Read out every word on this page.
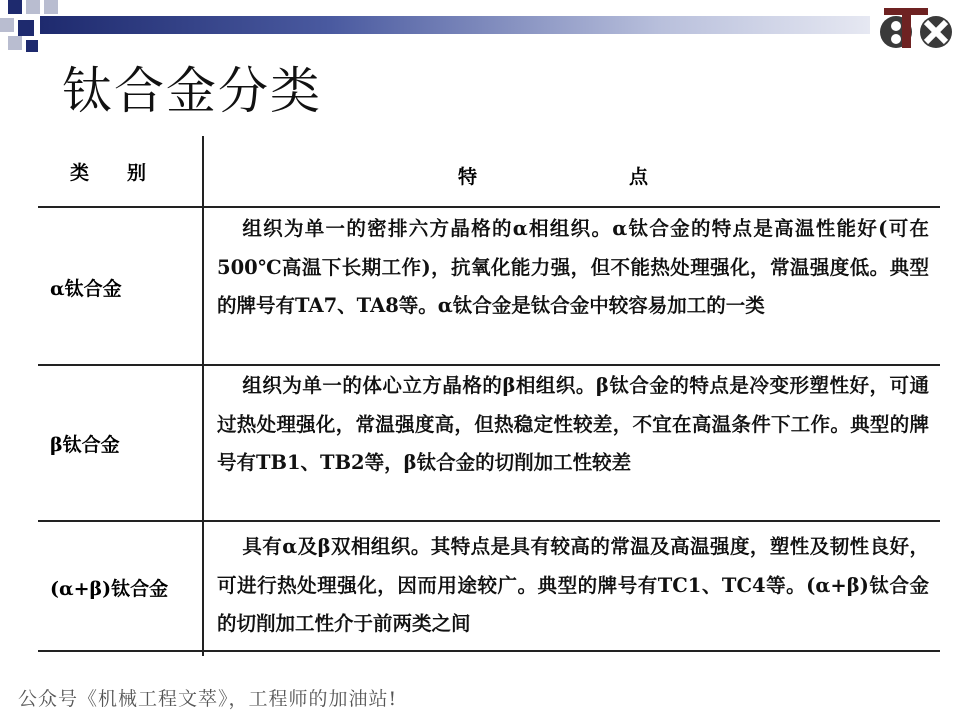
钛合金分类
类　　别	特　　　　　　　　点
α钛合金
组织为单一的密排六方晶格的α相组织。α钛合金的特点是高温性能好(可在500℃高温下长期工作)，抗氧化能力强，但不能热处理强化，常温强度低。典型的牌号有TA7、TA8等。α钛合金是钛合金中较容易加工的一类
β钛合金
组织为单一的体心立方晶格的β相组织。β钛合金的特点是冷变形塑性好，可通过热处理强化，常温强度高，但热稳定性较差，不宜在高温条件下工作。典型的牌号有TB1、TB2等，β钛合金的切削加工性较差
(α+β)钛合金
具有α及β双相组织。其特点是具有较高的常温及高温强度，塑性及韧性良好，可进行热处理强化，因而用途较广。典型的牌号有TC1、TC4等。(α+β)钛合金的切削加工性介于前两类之间
公众号《机械工程文萃》，工程师的加油站!
